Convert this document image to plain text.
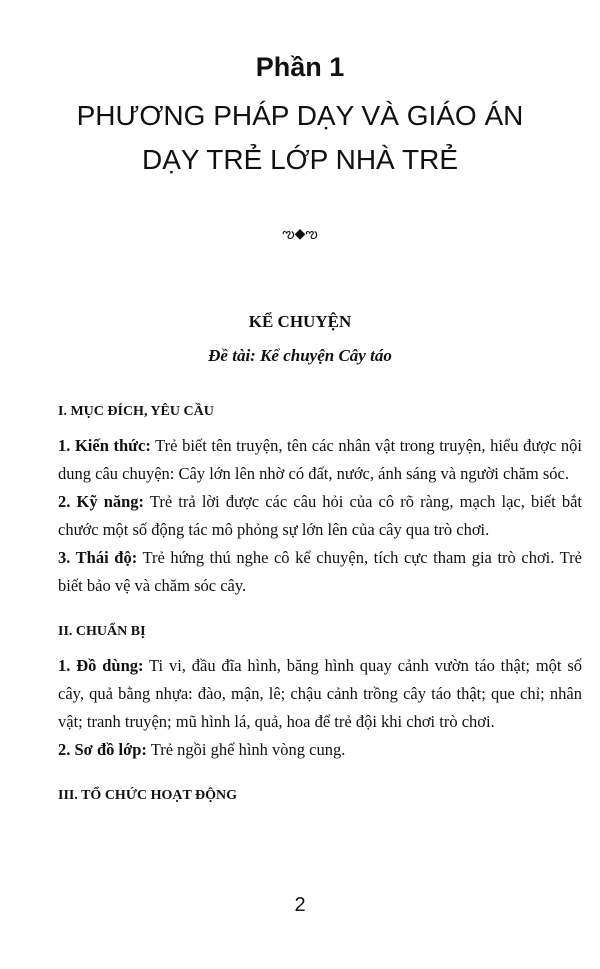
Phần 1
PHƯƠNG PHÁP DẠY VÀ GIÁO ÁN
DẠY TRẺ LỚP NHÀ TRẺ
ఌ◆ఌ
KỂ CHUYỆN
Đề tài: Kể chuyện Cây táo

I. MỤC ĐÍCH, YÊU CẦU

1. Kiến thức: Trẻ biết tên truyện, tên các nhân vật trong truyện, hiểu được nội dung câu chuyện: Cây lớn lên nhờ có đất, nước, ánh sáng và người chăm sóc.

2. Kỹ năng: Trẻ trả lời được các câu hỏi của cô rõ ràng, mạch lạc, biết bắt chước một số động tác mô phỏng sự lớn lên của cây qua trò chơi.

3. Thái độ: Trẻ hứng thú nghe cô kể chuyện, tích cực tham gia trò chơi. Trẻ biết bảo vệ và chăm sóc cây.

II. CHUẨN BỊ

1. Đồ dùng: Ti vi, đầu đĩa hình, băng hình quay cảnh vườn táo thật; một số cây, quả bằng nhựa: đào, mận, lê; chậu cảnh trồng cây táo thật; que chỉ; nhân vật; tranh truyện; mũ hình lá, quả, hoa để trẻ đội khi chơi trò chơi.

2. Sơ đồ lớp: Trẻ ngồi ghế hình vòng cung.

III. TỔ CHỨC HOẠT ĐỘNG

2
